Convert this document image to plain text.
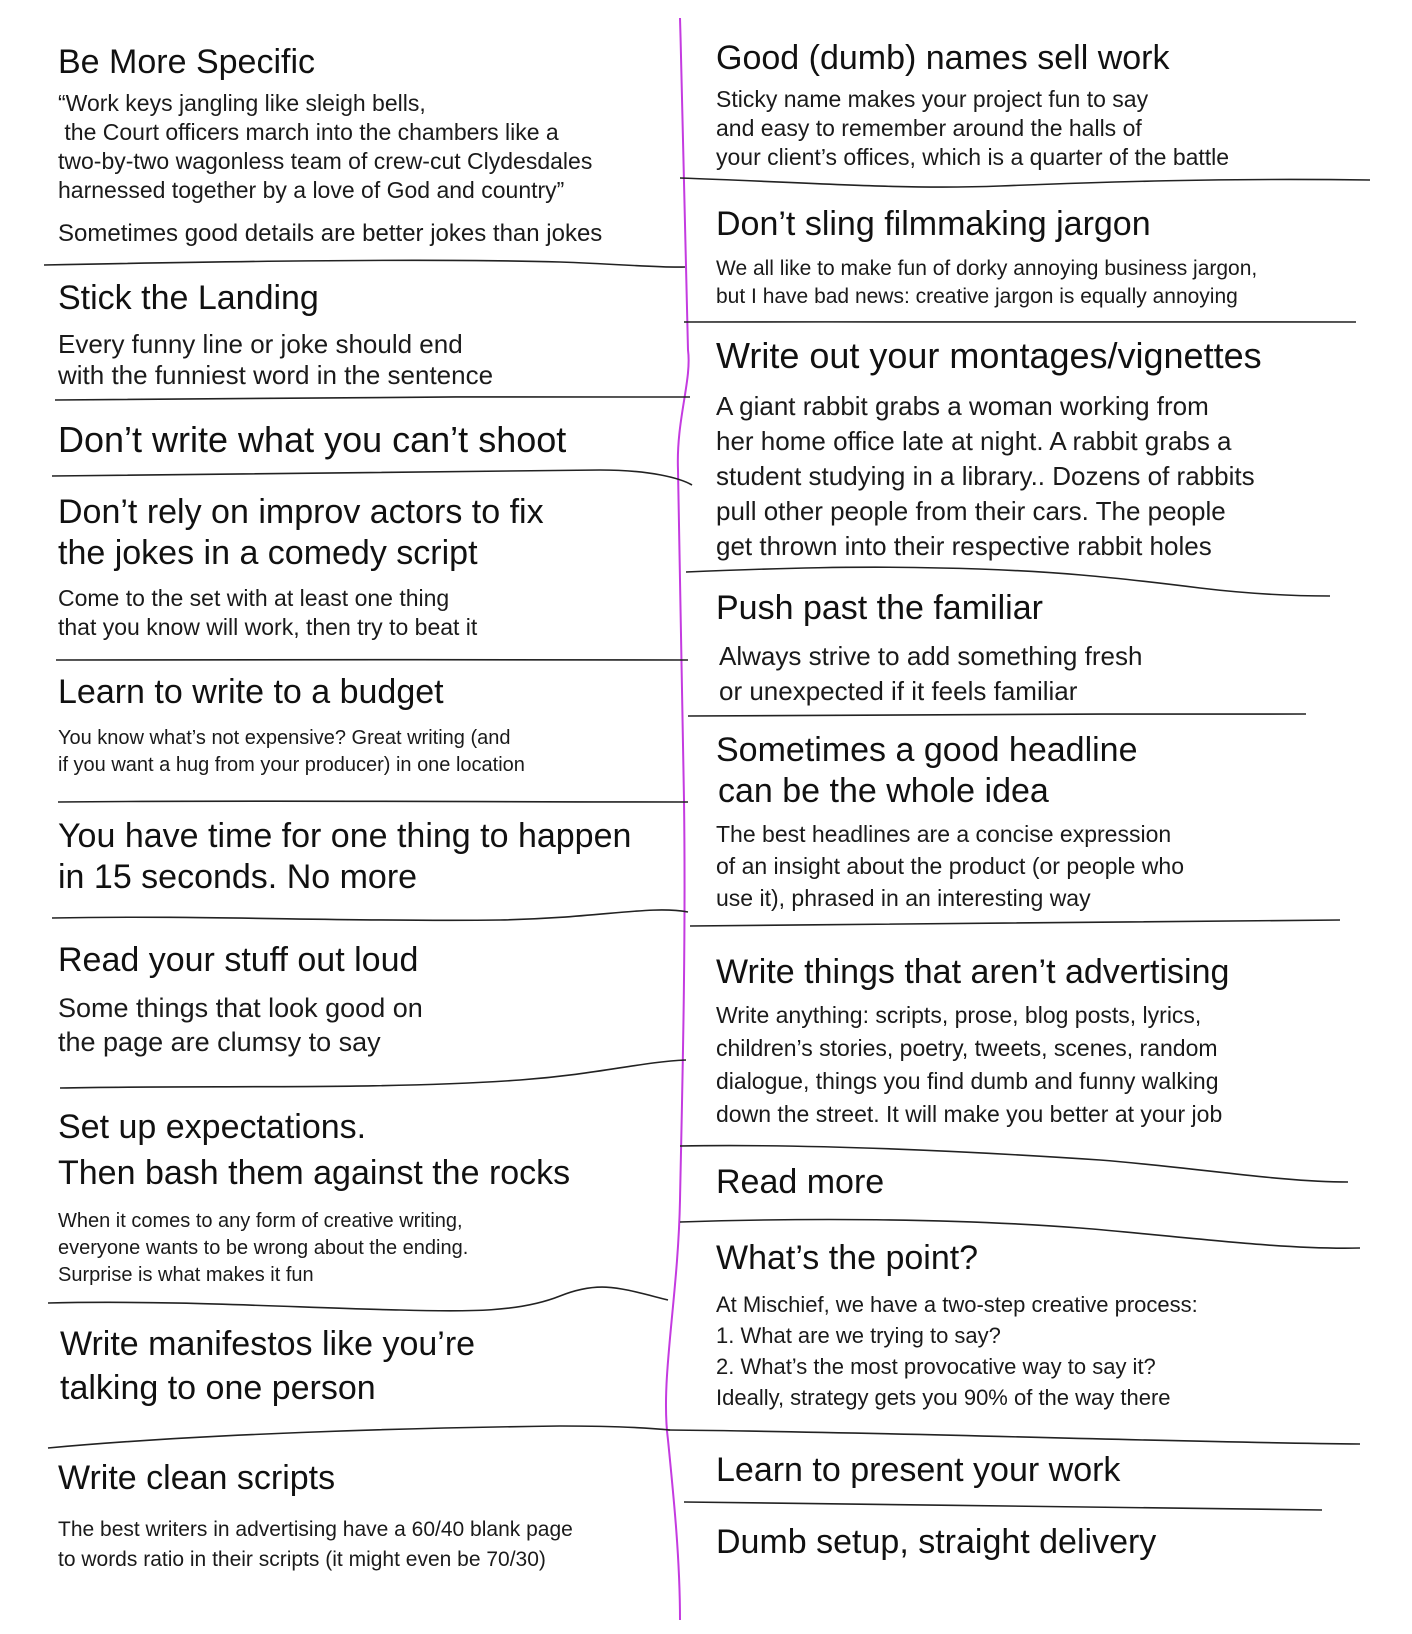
Be More Specific
“Work keys jangling like sleigh bells,
the Court officers march into the chambers like a
two-by-two wagonless team of crew-cut Clydesdales
harnessed together by a love of God and country”
Sometimes good details are better jokes than jokes
Stick the Landing
Every funny line or joke should end
with the funniest word in the sentence
Don’t write what you can’t shoot
Don’t rely on improv actors to fix
the jokes in a comedy script
Come to the set with at least one thing
that you know will work, then try to beat it
Learn to write to a budget
You know what’s not expensive? Great writing (and
if you want a hug from your producer) in one location
You have time for one thing to happen
in 15 seconds. No more
Read your stuff out loud
Some things that look good on
the page are clumsy to say
Set up expectations.
Then bash them against the rocks
When it comes to any form of creative writing,
everyone wants to be wrong about the ending.
Surprise is what makes it fun
Write manifestos like you’re
talking to one person
Write clean scripts
The best writers in advertising have a 60/40 blank page
to words ratio in their scripts (it might even be 70/30)
Good (dumb) names sell work
Sticky name makes your project fun to say
and easy to remember around the halls of
your client’s offices, which is a quarter of the battle
Don’t sling filmmaking jargon
We all like to make fun of dorky annoying business jargon,
but I have bad news: creative jargon is equally annoying
Write out your montages/vignettes
A giant rabbit grabs a woman working from
her home office late at night. A rabbit grabs a
student studying in a library.. Dozens of rabbits
pull other people from their cars. The people
get thrown into their respective rabbit holes
Push past the familiar
Always strive to add something fresh
or unexpected if it feels familiar
Sometimes a good headline
can be the whole idea
The best headlines are a concise expression
of an insight about the product (or people who
use it), phrased in an interesting way
Write things that aren’t advertising
Write anything: scripts, prose, blog posts, lyrics,
children’s stories, poetry, tweets, scenes, random
dialogue, things you find dumb and funny walking
down the street. It will make you better at your job
Read more
What’s the point?
At Mischief, we have a two-step creative process:
1. What are we trying to say?
2. What’s the most provocative way to say it?
Ideally, strategy gets you 90% of the way there
Learn to present your work
Dumb setup, straight delivery
